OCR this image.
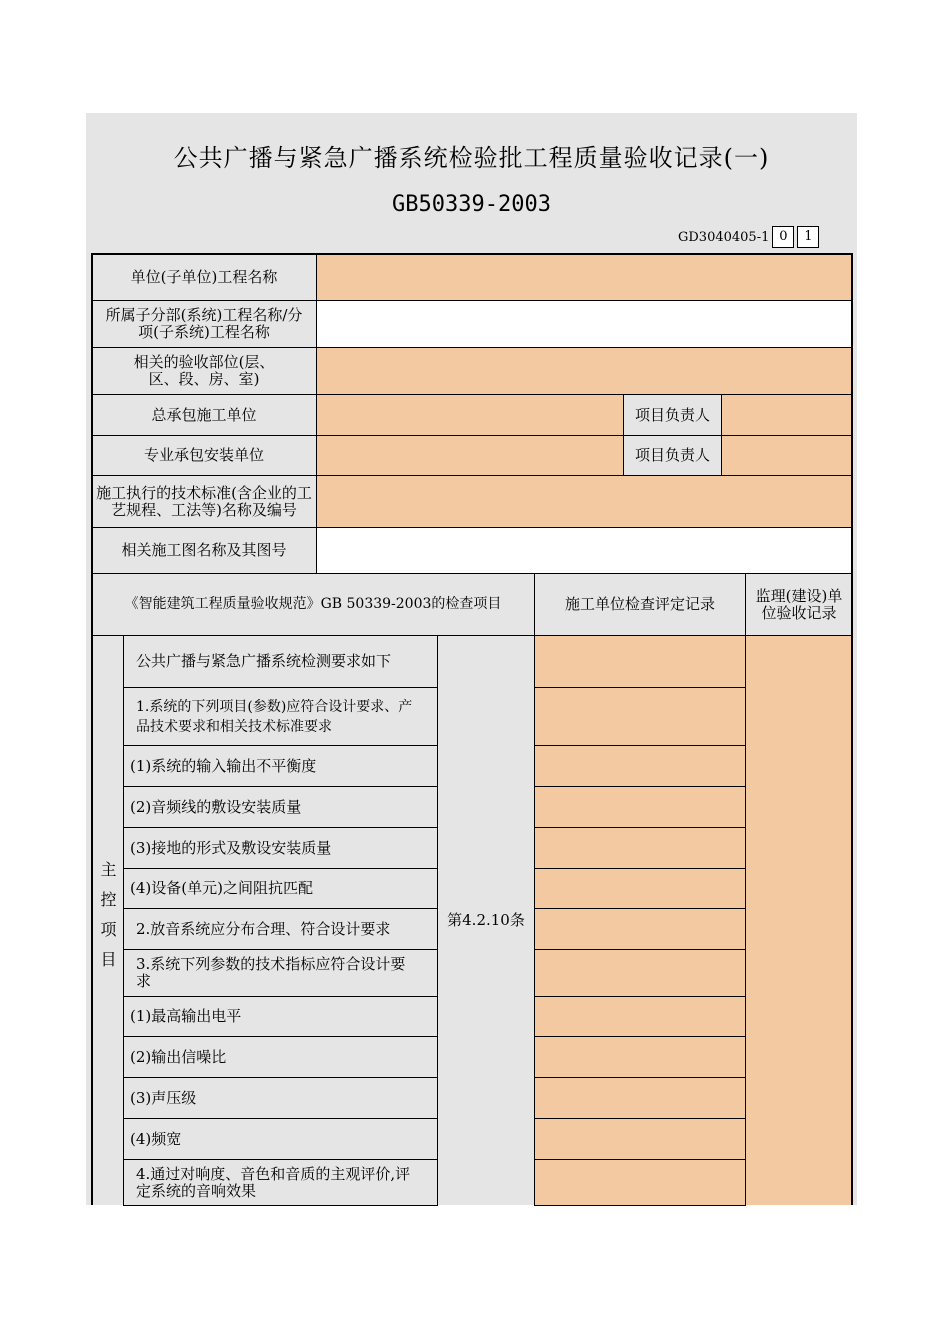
公共广播与紧急广播系统检验批工程质量验收记录(一)
GB50339-2003
GD3040405-1 0	1
单位(子单位)工程名称
所属子分部(系统)工程名称/分项(子系统)工程名称
相关的验收部位(层、区、段、房、室)
总承包施工单位	项目负责人
专业承包安装单位	项目负责人
施工执行的技术标准(含企业的工艺规程、工法等)名称及编号
相关施工图名称及其图号
《智能建筑工程质量验收规范》GB 50339-2003的检查项目	施工单位检查评定记录	监理(建设)单位验收记录
主控项目	第4.2.10条
公共广播与紧急广播系统检测要求如下
1.系统的下列项目(参数)应符合设计要求、产品技术要求和相关技术标准要求
(1)系统的输入输出不平衡度
(2)音频线的敷设安装质量
(3)接地的形式及敷设安装质量
(4)设备(单元)之间阻抗匹配
2.放音系统应分布合理、符合设计要求
3.系统下列参数的技术指标应符合设计要求
(1)最高输出电平
(2)输出信噪比
(3)声压级
(4)频宽
4.通过对响度、音色和音质的主观评价,评定系统的音响效果
